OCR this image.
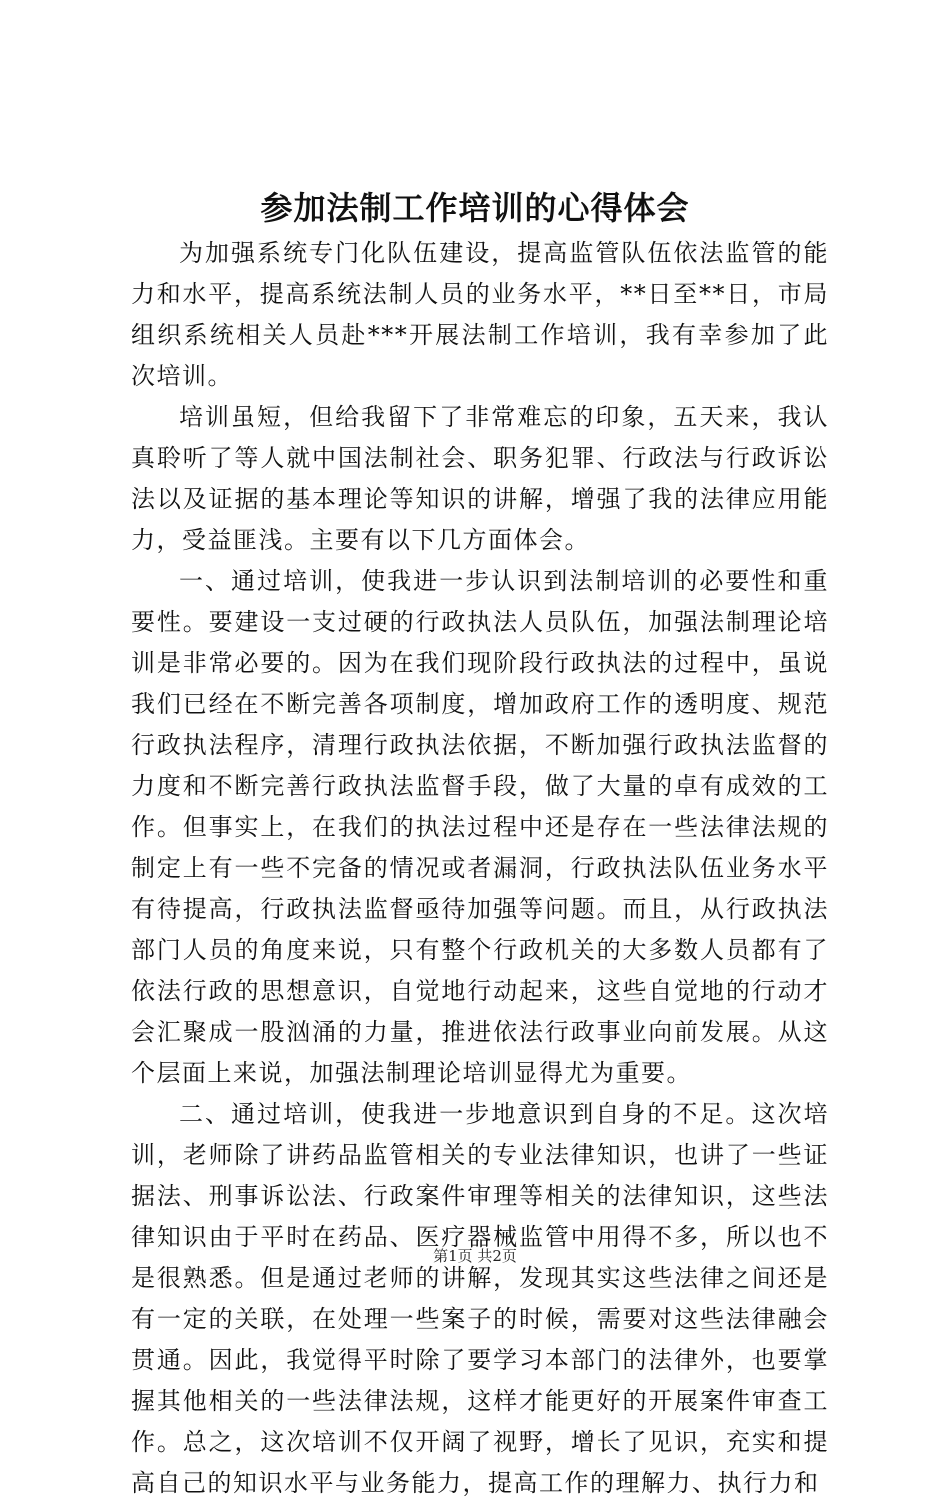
参加法制工作培训的心得体会

为加强系统专门化队伍建设，提高监管队伍依法监管的能力和水平，提高系统法制人员的业务水平，**日至**日，市局组织系统相关人员赴***开展法制工作培训，我有幸参加了此次培训。

培训虽短，但给我留下了非常难忘的印象，五天来，我认真聆听了等人就中国法制社会、职务犯罪、行政法与行政诉讼法以及证据的基本理论等知识的讲解，增强了我的法律应用能力，受益匪浅。主要有以下几方面体会。

一、通过培训，使我进一步认识到法制培训的必要性和重要性。要建设一支过硬的行政执法人员队伍，加强法制理论培训是非常必要的。因为在我们现阶段行政执法的过程中，虽说我们已经在不断完善各项制度，增加政府工作的透明度、规范行政执法程序，清理行政执法依据，不断加强行政执法监督的力度和不断完善行政执法监督手段，做了大量的卓有成效的工作。但事实上，在我们的执法过程中还是存在一些法律法规的制定上有一些不完备的情况或者漏洞，行政执法队伍业务水平有待提高，行政执法监督亟待加强等问题。而且，从行政执法部门人员的角度来说，只有整个行政机关的大多数人员都有了依法行政的思想意识，自觉地行动起来，这些自觉地的行动才会汇聚成一股汹涌的力量，推进依法行政事业向前发展。从这个层面上来说，加强法制理论培训显得尤为重要。

二、通过培训，使我进一步地意识到自身的不足。这次培训，老师除了讲药品监管相关的专业法律知识，也讲了一些证据法、刑事诉讼法、行政案件审理等相关的法律知识，这些法律知识由于平时在药品、医疗器械监管中用得不多，所以也不是很熟悉。但是通过老师的讲解，发现其实这些法律之间还是有一定的关联，在处理一些案子的时候，需要对这些法律融会贯通。因此，我觉得平时除了要学习本部门的法律外，也要掌握其他相关的一些法律法规，这样才能更好的开展案件审查工作。总之，这次培训不仅开阔了视野，增长了见识，充实和提高自己的知识水平与业务能力，提高工作的理解力、执行力和

第1页 共2页
